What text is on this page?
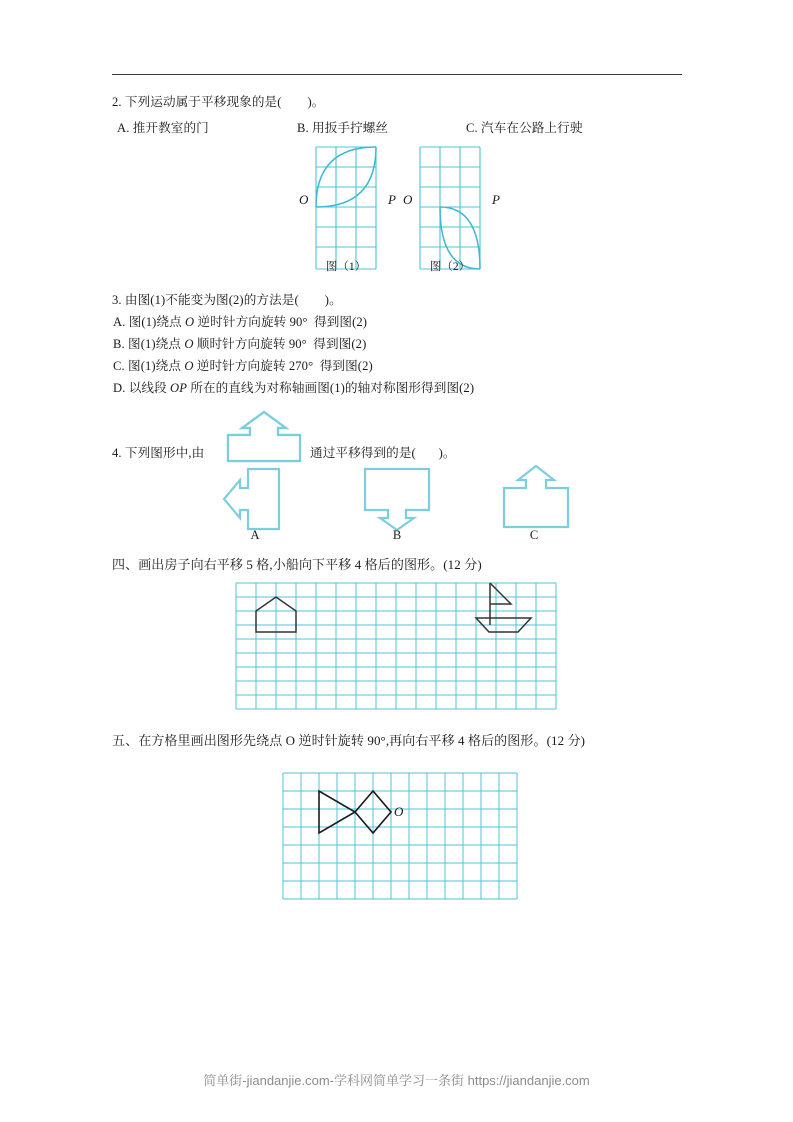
2. 下列运动属于平移现象的是(        )。
A. 推开教室的门	B. 用扳手拧螺丝	C. 汽车在公路上行驶
O	P
图（1）
O	P
图（2）
3. 由图(1)不能变为图(2)的方法是(        )。
A. 图(1)绕点 O 逆时针方向旋转 90°  得到图(2)
B. 图(1)绕点 O 顺时针方向旋转 90°  得到图(2)
C. 图(1)绕点 O 逆时针方向旋转 270°  得到图(2)
D. 以线段 OP 所在的直线为对称轴画图(1)的轴对称图形得到图(2)
4. 下列图形中,由	通过平移得到的是(       )。
A	B	C
四、画出房子向右平移 5 格,小船向下平移 4 格后的图形。(12 分)
五、在方格里画出图形先绕点 O 逆时针旋转 90°,再向右平移 4 格后的图形。(12 分)
O
简单街-jiandanjie.com-学科网简单学习一条街 https://jiandanjie.com
